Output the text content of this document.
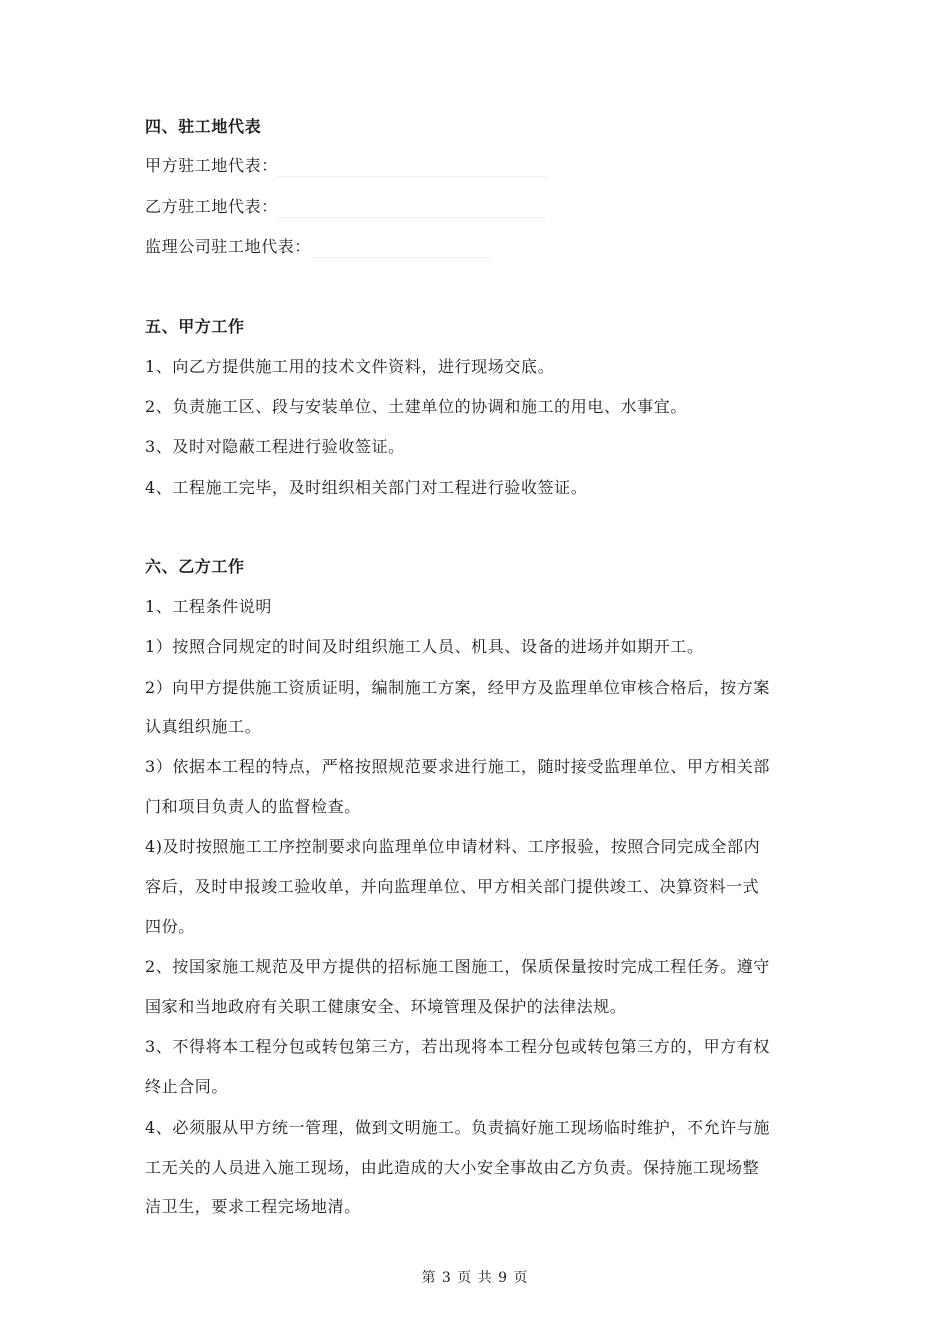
四、驻工地代表
甲方驻工地代表：
乙方驻工地代表：
监理公司驻工地代表：
五、甲方工作
1、向乙方提供施工用的技术文件资料，进行现场交底。
2、负责施工区、段与安装单位、土建单位的协调和施工的用电、水事宜。
3、及时对隐蔽工程进行验收签证。
4、工程施工完毕，及时组织相关部门对工程进行验收签证。
六、乙方工作
1、工程条件说明
1）按照合同规定的时间及时组织施工人员、机具、设备的进场并如期开工。
2）向甲方提供施工资质证明，编制施工方案，经甲方及监理单位审核合格后，按方案
认真组织施工。
3）依据本工程的特点，严格按照规范要求进行施工，随时接受监理单位、甲方相关部
门和项目负责人的监督检查。
4)及时按照施工工序控制要求向监理单位申请材料、工序报验，按照合同完成全部内
容后，及时申报竣工验收单，并向监理单位、甲方相关部门提供竣工、决算资料一式
四份。
2、按国家施工规范及甲方提供的招标施工图施工，保质保量按时完成工程任务。遵守
国家和当地政府有关职工健康安全、环境管理及保护的法律法规。
3、不得将本工程分包或转包第三方，若出现将本工程分包或转包第三方的，甲方有权
终止合同。
4、必须服从甲方统一管理，做到文明施工。负责搞好施工现场临时维护，不允许与施
工无关的人员进入施工现场，由此造成的大小安全事故由乙方负责。保持施工现场整
洁卫生，要求工程完场地清。
第 3 页 共 9 页
